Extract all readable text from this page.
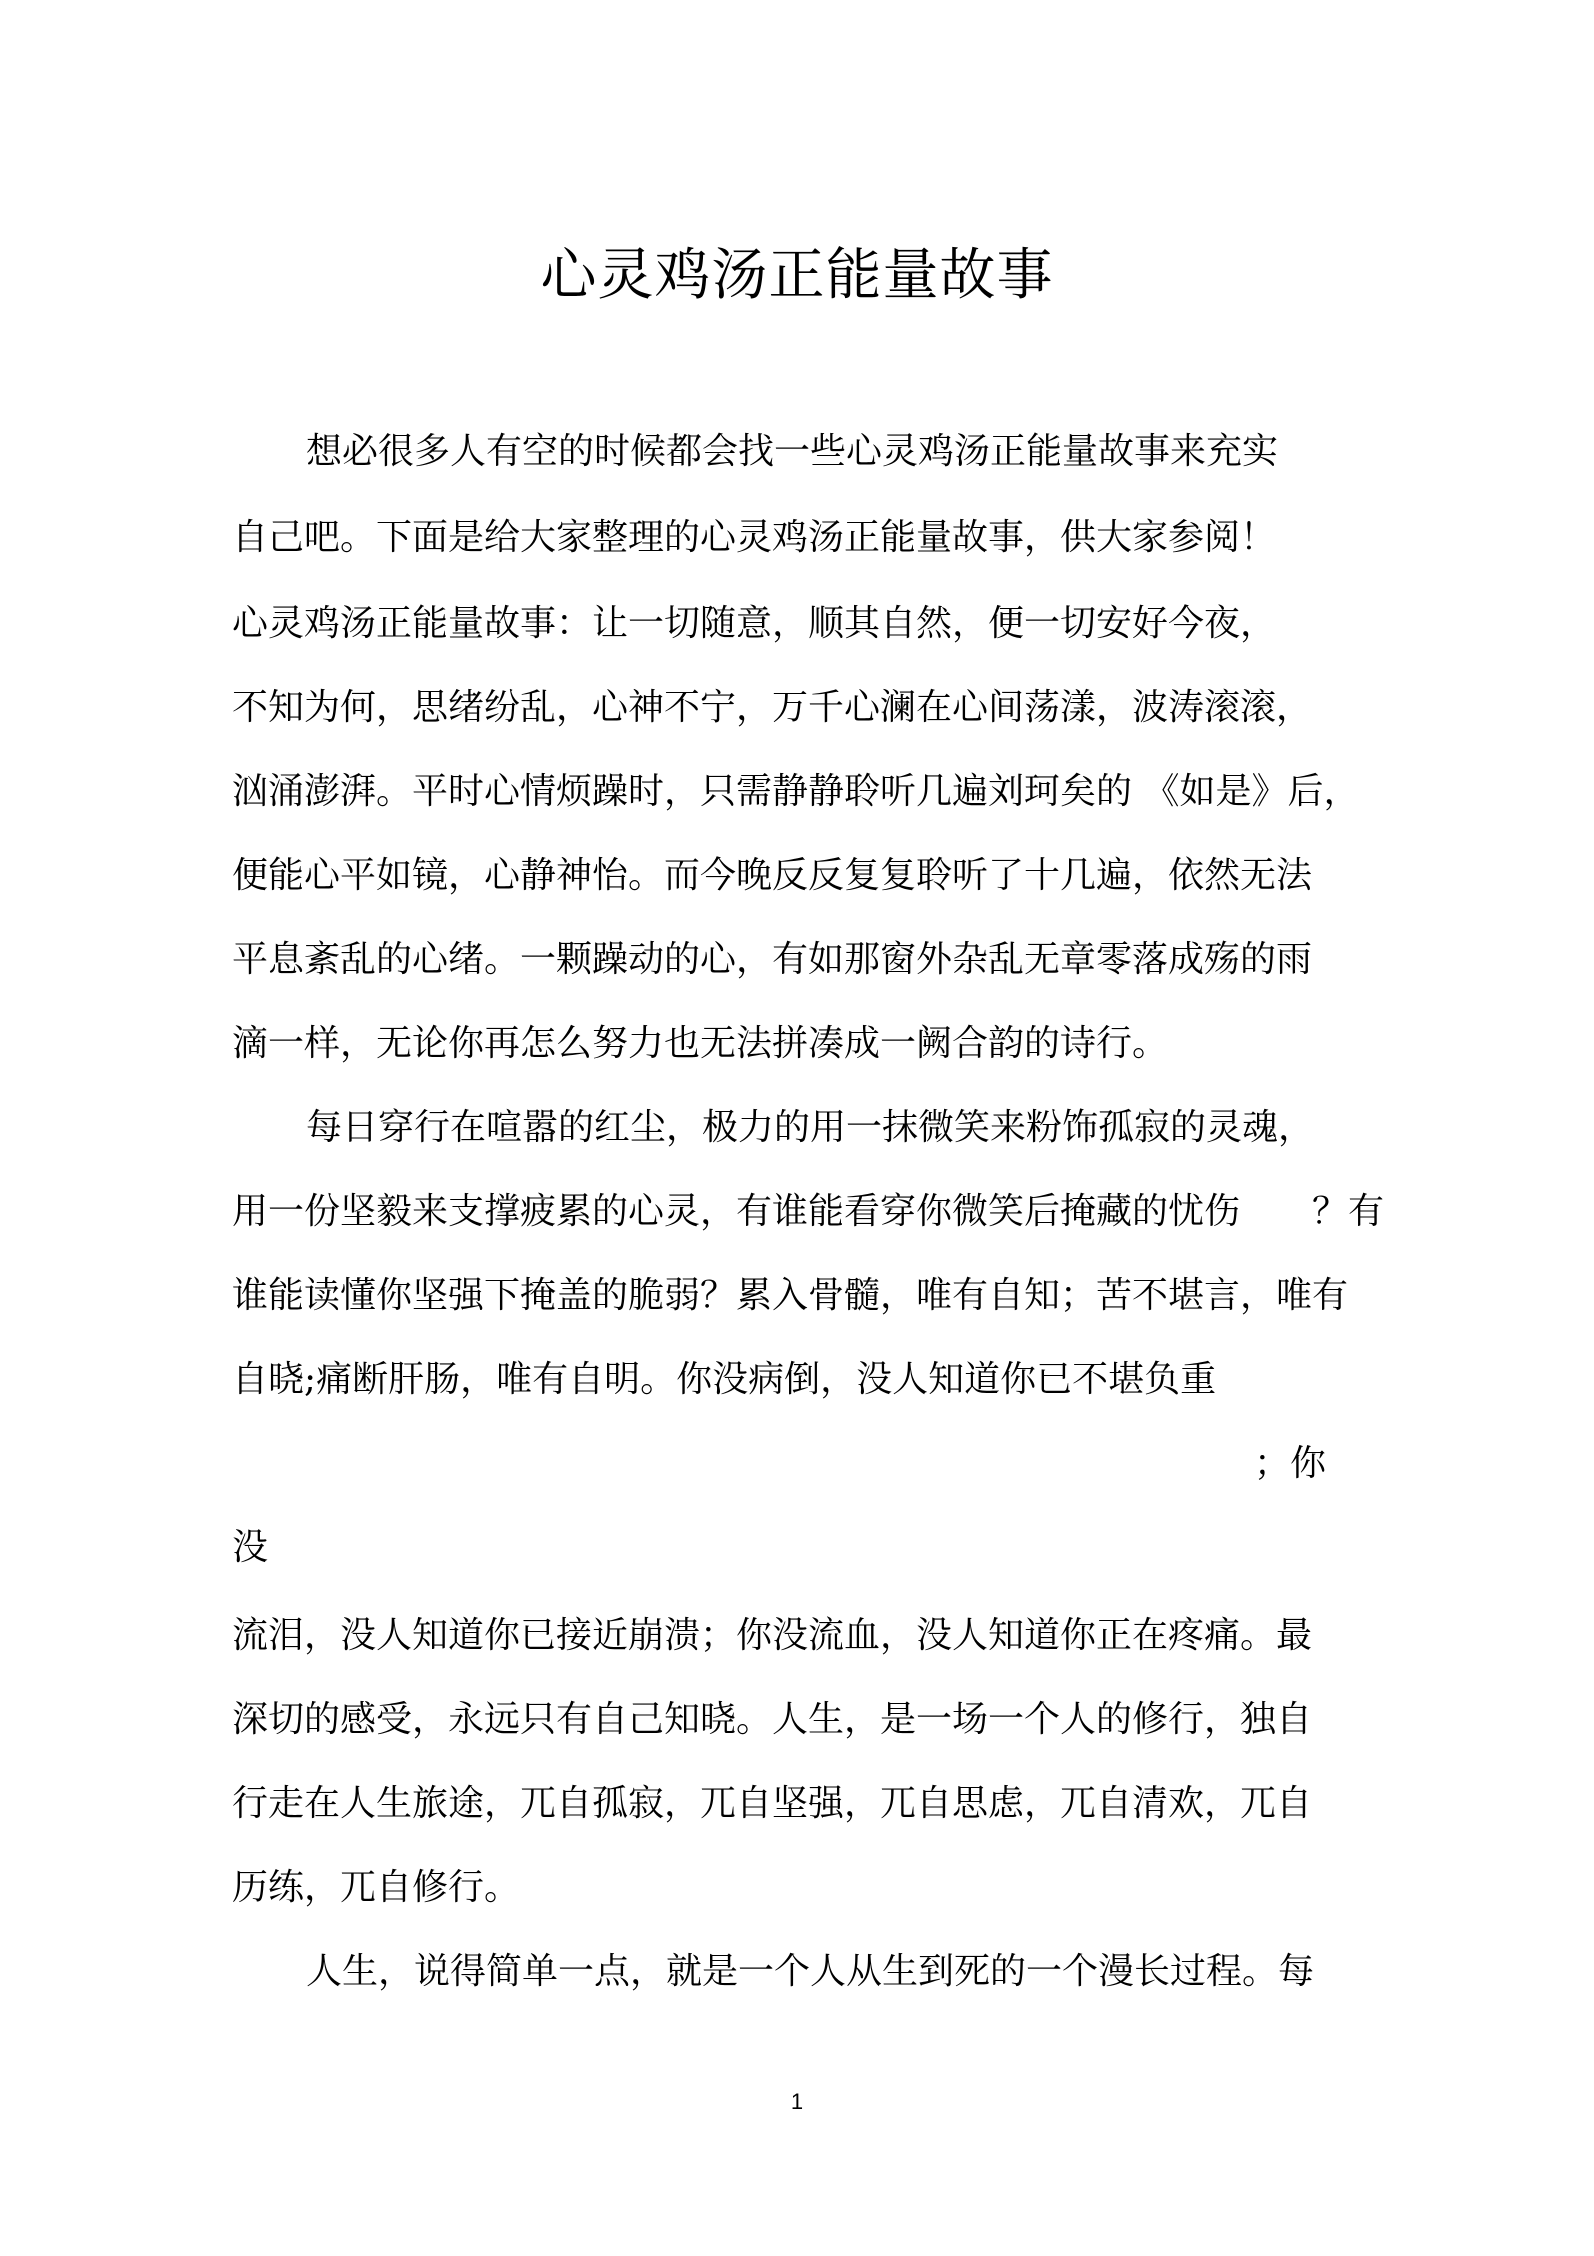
心灵鸡汤正能量故事
想必很多人有空的时候都会找一些心灵鸡汤正能量故事来充实
自己吧。下面是给大家整理的心灵鸡汤正能量故事，供大家参阅！
心灵鸡汤正能量故事：让一切随意，顺其自然，便一切安好今夜，
不知为何，思绪纷乱，心神不宁，万千心澜在心间荡漾，波涛滚滚，
汹涌澎湃。平时心情烦躁时，只需静静聆听几遍刘珂矣的 《如是》后，
便能心平如镜，心静神怡。而今晚反反复复聆听了十几遍，依然无法
平息紊乱的心绪。一颗躁动的心，有如那窗外杂乱无章零落成殇的雨
滴一样，无论你再怎么努力也无法拼凑成一阙合韵的诗行。
每日穿行在喧嚣的红尘，极力的用一抹微笑来粉饰孤寂的灵魂，
用一份坚毅来支撑疲累的心灵，有谁能看穿你微笑后掩藏的忧伤　　？有
谁能读懂你坚强下掩盖的脆弱？累入骨髓，唯有自知；苦不堪言，唯有
自晓;痛断肝肠，唯有自明。你没病倒，没人知道你已不堪负重
；你
没
流泪，没人知道你已接近崩溃；你没流血，没人知道你正在疼痛。最
深切的感受，永远只有自己知晓。人生，是一场一个人的修行，独自
行走在人生旅途，兀自孤寂，兀自坚强，兀自思虑，兀自清欢，兀自
历练，兀自修行。
人生，说得简单一点，就是一个人从生到死的一个漫长过程。每
1
